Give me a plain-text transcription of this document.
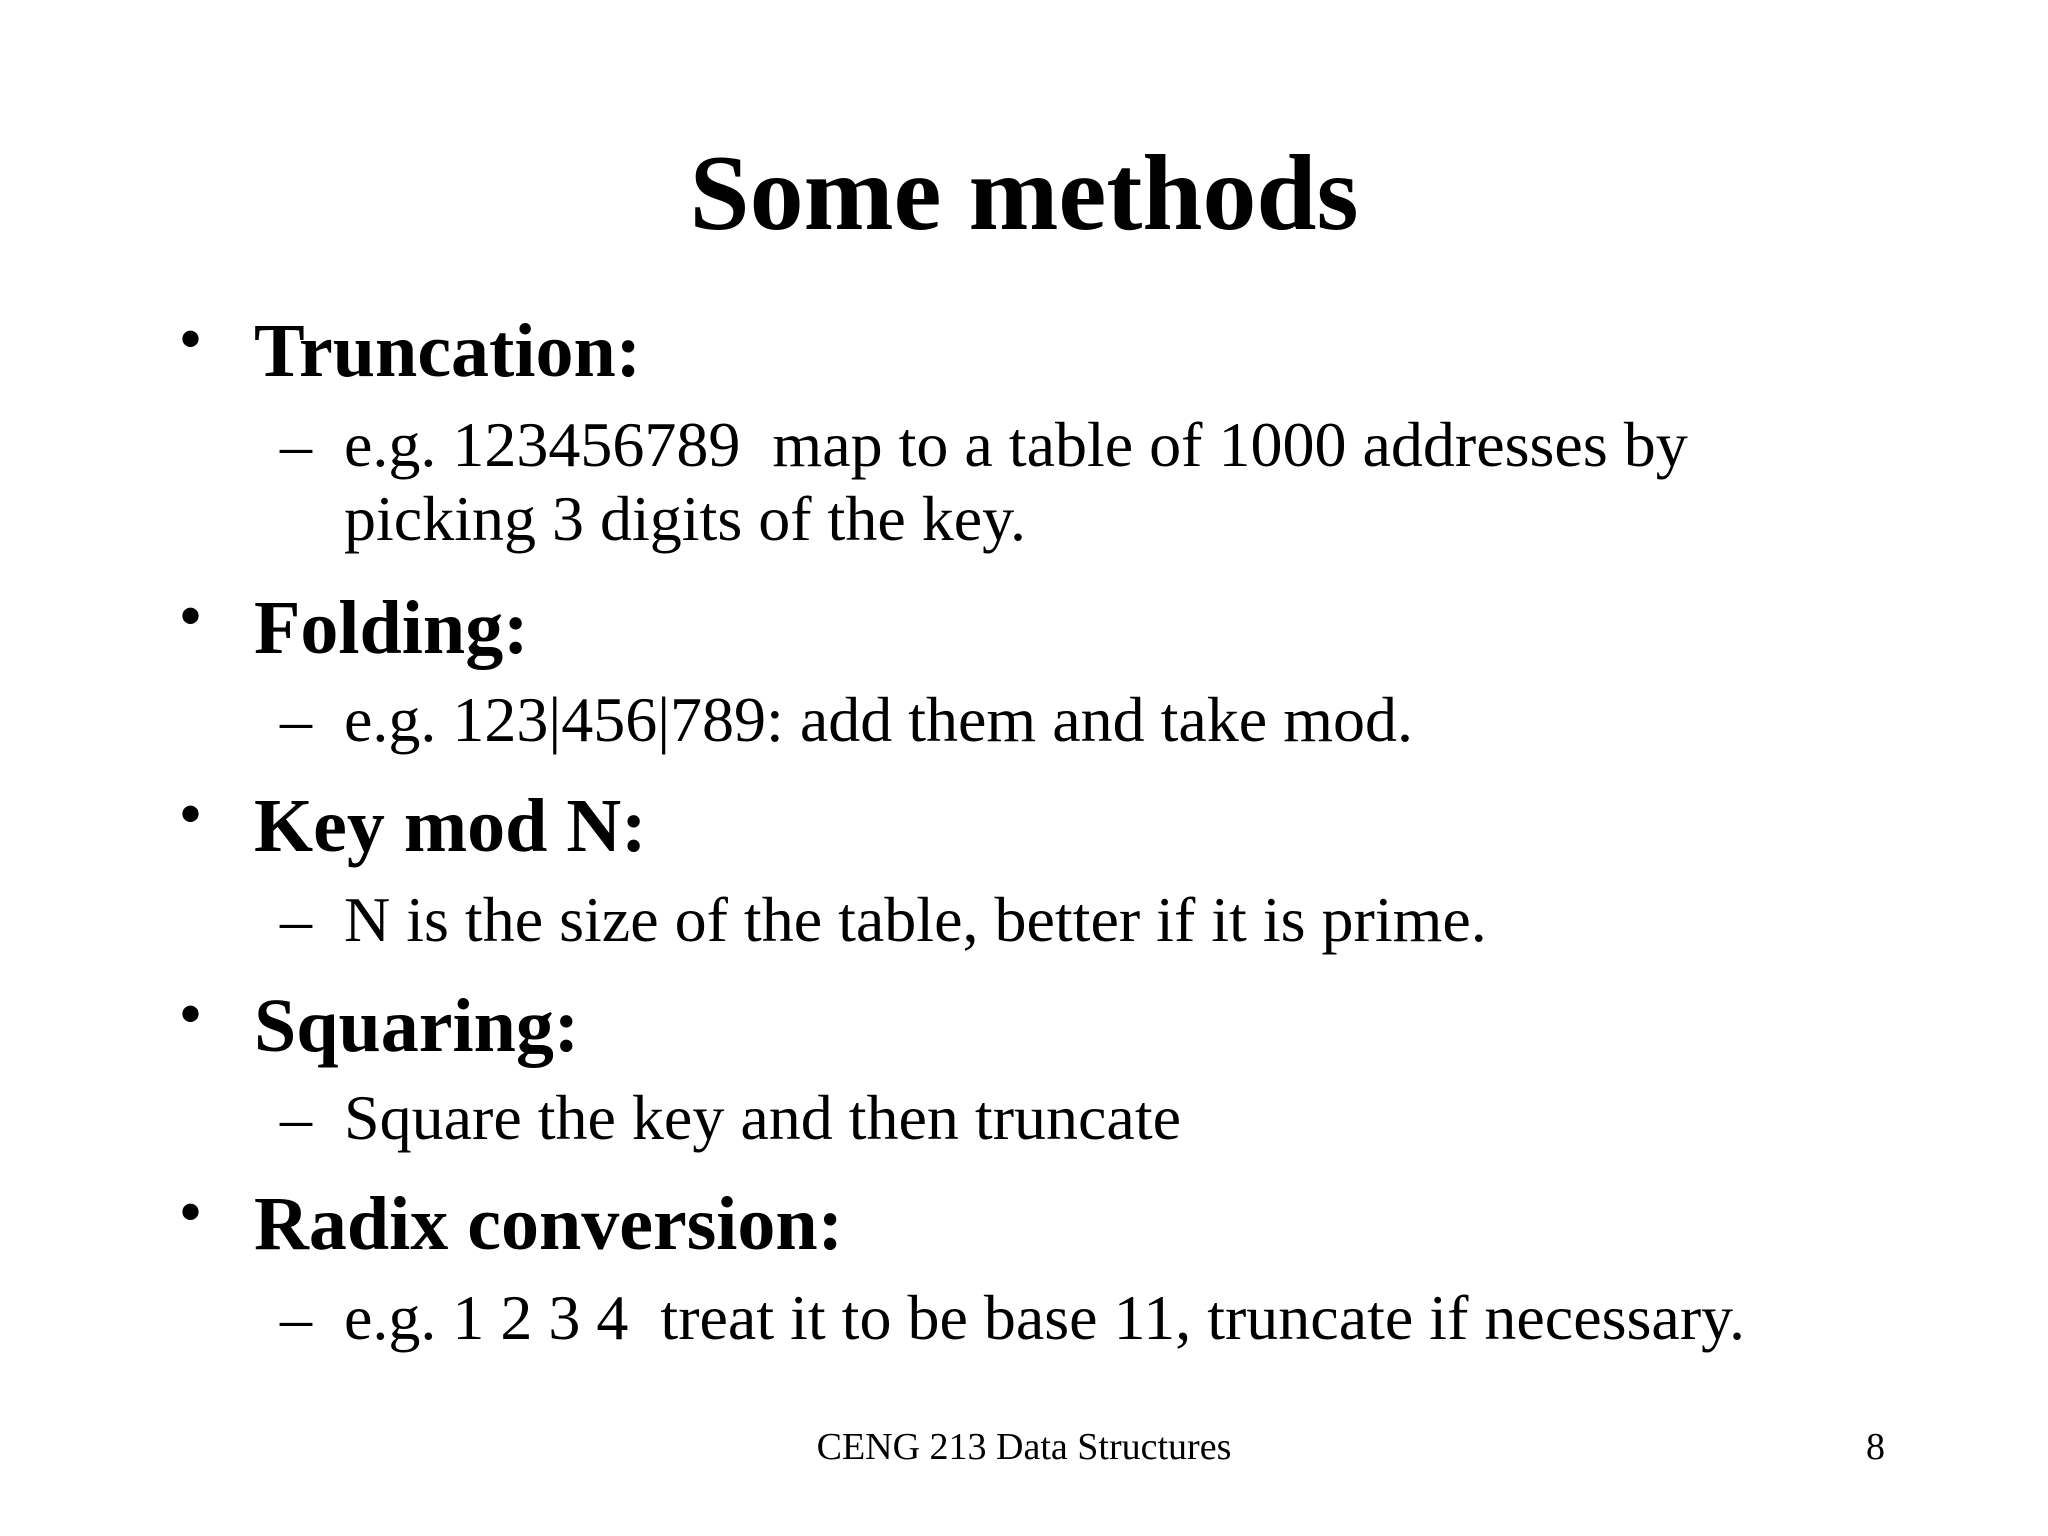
Some methods
• Truncation:
– e.g. 123456789  map to a table of 1000 addresses by picking 3 digits of the key.
• Folding:
– e.g. 123|456|789: add them and take mod.
• Key mod N:
– N is the size of the table, better if it is prime.
• Squaring:
– Square the key and then truncate
• Radix conversion:
– e.g. 1 2 3 4  treat it to be base 11, truncate if necessary.
CENG 213 Data Structures	8
